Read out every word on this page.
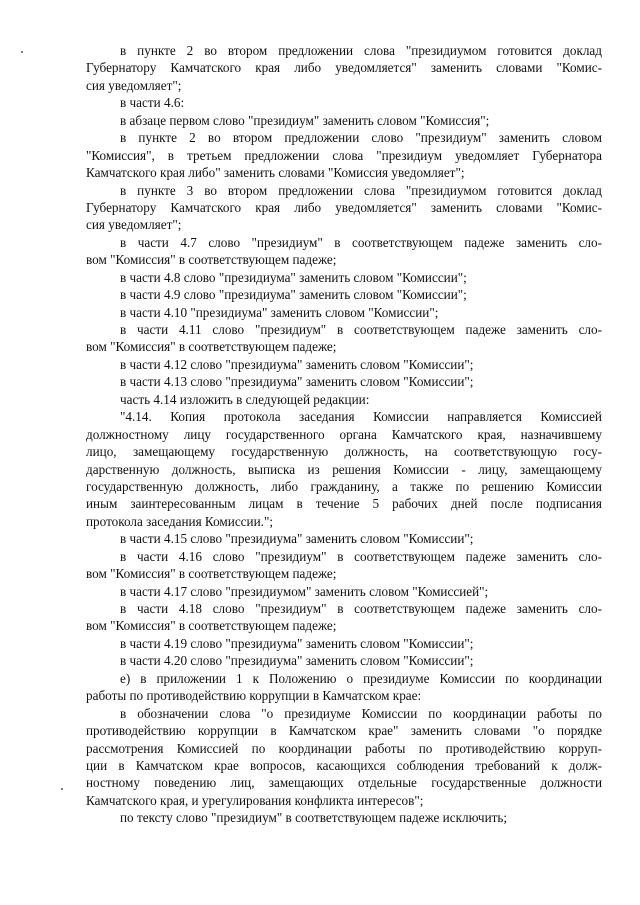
в пункте 2 во втором предложении слова "президиумом готовится доклад
Губернатору Камчатского края либо уведомляется" заменить словами "Комис-
сия уведомляет";
в части 4.6:
в абзаце первом слово "президиум" заменить словом "Комиссия";
в пункте 2 во втором предложении слово "президиум" заменить словом
"Комиссия", в третьем предложении слова "президиум уведомляет Губернатора
Камчатского края либо" заменить словами "Комиссия уведомляет";
в пункте 3 во втором предложении слова "президиумом готовится доклад
Губернатору Камчатского края либо уведомляется" заменить словами "Комис-
сия уведомляет";
в части 4.7 слово "президиум" в соответствующем падеже заменить сло-
вом "Комиссия" в соответствующем падеже;
в части 4.8 слово "президиума" заменить словом "Комиссии";
в части 4.9 слово "президиума" заменить словом "Комиссии";
в части 4.10 "президиума" заменить словом "Комиссии";
в части 4.11 слово "президиум" в соответствующем падеже заменить сло-
вом "Комиссия" в соответствующем падеже;
в части 4.12 слово "президиума" заменить словом "Комиссии";
в части 4.13 слово "президиума" заменить словом "Комиссии";
часть 4.14 изложить в следующей редакции:
"4.14. Копия протокола заседания Комиссии направляется Комиссией
должностному лицу государственного органа Камчатского края, назначившему
лицо, замещающему государственную должность, на соответствующую госу-
дарственную должность, выписка из решения Комиссии - лицу, замещающему
государственную должность, либо гражданину, а также по решению Комиссии
иным заинтересованным лицам в течение 5 рабочих дней после подписания
протокола заседания Комиссии.";
в части 4.15 слово "президиума" заменить словом "Комиссии";
в части 4.16 слово "президиум" в соответствующем падеже заменить сло-
вом "Комиссия" в соответствующем падеже;
в части 4.17 слово "президиумом" заменить словом "Комиссией";
в части 4.18 слово "президиум" в соответствующем падеже заменить сло-
вом "Комиссия" в соответствующем падеже;
в части 4.19 слово "президиума" заменить словом "Комиссии";
в части 4.20 слово "президиума" заменить словом "Комиссии";
е) в приложении 1 к Положению о президиуме Комиссии по координации
работы по противодействию коррупции в Камчатском крае:
в обозначении слова "о президиуме Комиссии по координации работы по
противодействию коррупции в Камчатском крае" заменить словами "о порядке
рассмотрения Комиссией по координации работы по противодействию корруп-
ции в Камчатском крае вопросов, касающихся соблюдения требований к долж-
ностному поведению лиц, замещающих отдельные государственные должности
Камчатского края, и урегулирования конфликта интересов";
по тексту слово "президиум" в соответствующем падеже исключить;
